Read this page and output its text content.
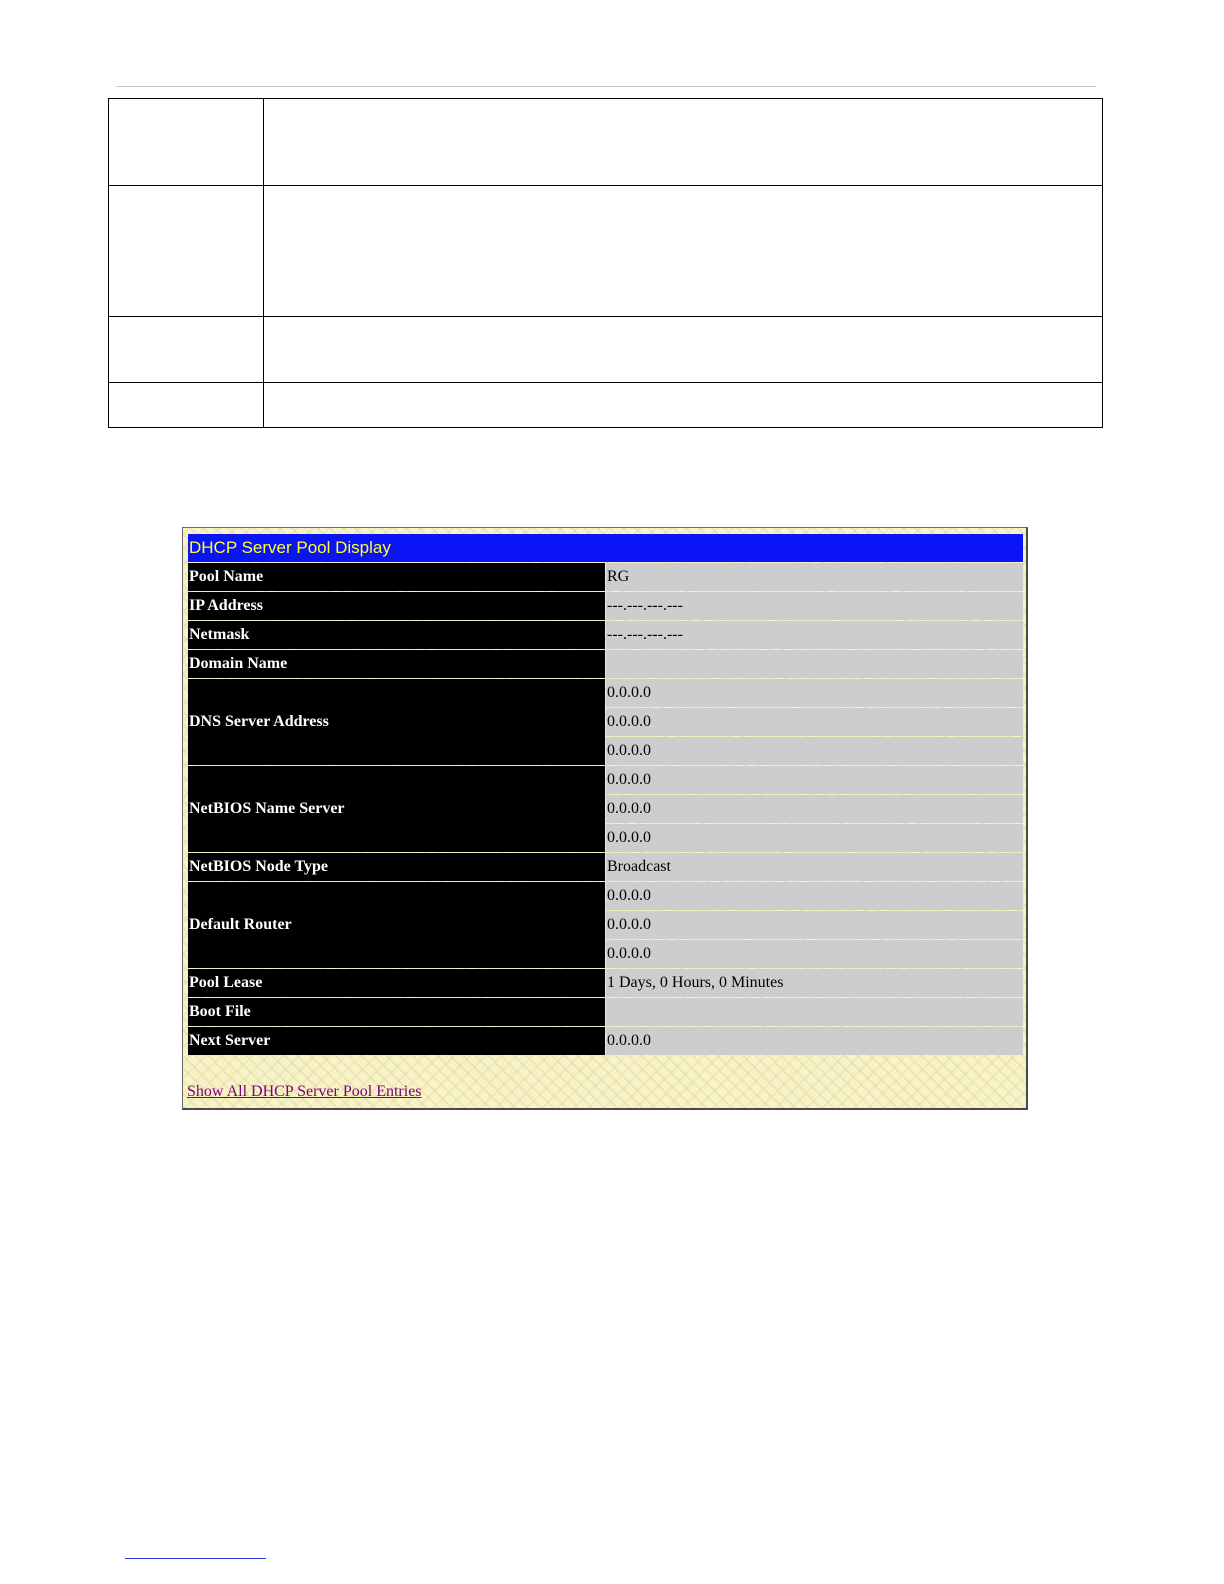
DHCP Server Pool Display	
Pool Name	RG
IP Address	---.---.---.---
Netmask	---.---.---.---
Domain Name	
DNS Server Address	0.0.0.0
	0.0.0.0
	0.0.0.0
NetBIOS Name Server	0.0.0.0
	0.0.0.0
	0.0.0.0
NetBIOS Node Type	Broadcast
Default Router	0.0.0.0
	0.0.0.0
	0.0.0.0
Pool Lease	1 Days, 0 Hours, 0 Minutes
Boot File	
Next Server	0.0.0.0
Show All DHCP Server Pool Entries
